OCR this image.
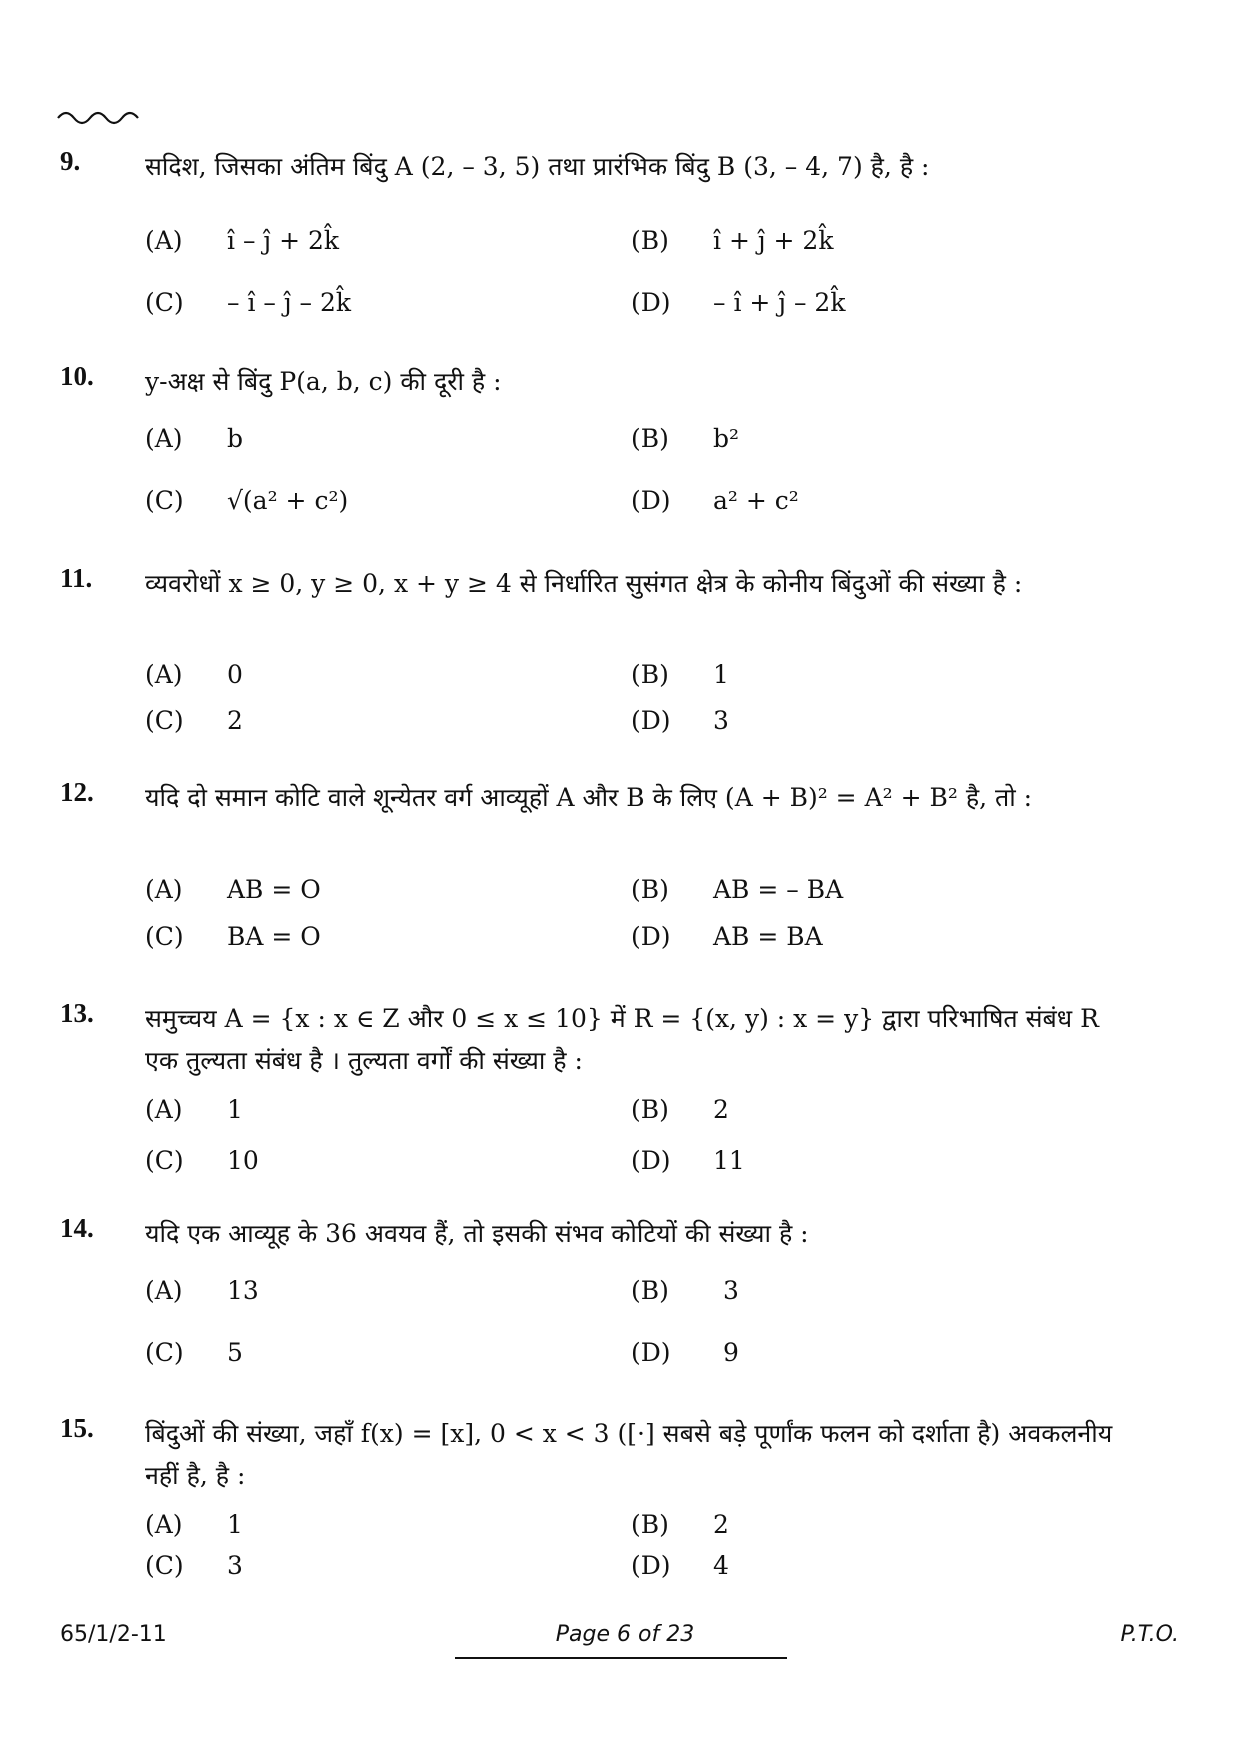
9.	सदिश, जिसका अंतिम बिंदु A (2, – 3, 5) तथा प्रारंभिक बिंदु B (3, – 4, 7) है, है :
(A) î – ĵ + 2k̂	(B) î + ĵ + 2k̂
(C) – î – ĵ – 2k̂	(D) – î + ĵ – 2k̂
10. y-अक्ष से बिंदु P(a, b, c) की दूरी है :
(A) b	(B) b²
(C) √(a² + c²)	(D) a² + c²
11. व्यवरोधों x ≥ 0, y ≥ 0, x + y ≥ 4 से निर्धारित सुसंगत क्षेत्र के कोनीय बिंदुओं की संख्या है :
(A) 0	(B) 1
(C) 2	(D) 3
12. यदि दो समान कोटि वाले शून्येतर वर्ग आव्यूहों A और B के लिए (A + B)² = A² + B² है, तो :
(A) AB = O	(B) AB = – BA
(C) BA = O	(D) AB = BA
13. समुच्चय A = {x : x ∈ Z और 0 ≤ x ≤ 10} में R = {(x, y) : x = y} द्वारा परिभाषित संबंध R एक तुल्यता संबंध है । तुल्यता वर्गों की संख्या है :
(A) 1	(B) 2
(C) 10	(D) 11
14. यदि एक आव्यूह के 36 अवयव हैं, तो इसकी संभव कोटियों की संख्या है :
(A) 13	(B) 3
(C) 5	(D) 9
15. बिंदुओं की संख्या, जहाँ f(x) = [x], 0 < x < 3 ([·] सबसे बड़े पूर्णांक फलन को दर्शाता है) अवकलनीय नहीं है, है :
(A) 1	(B) 2
(C) 3	(D) 4
65/1/2-11	Page 6 of 23	P.T.O.
